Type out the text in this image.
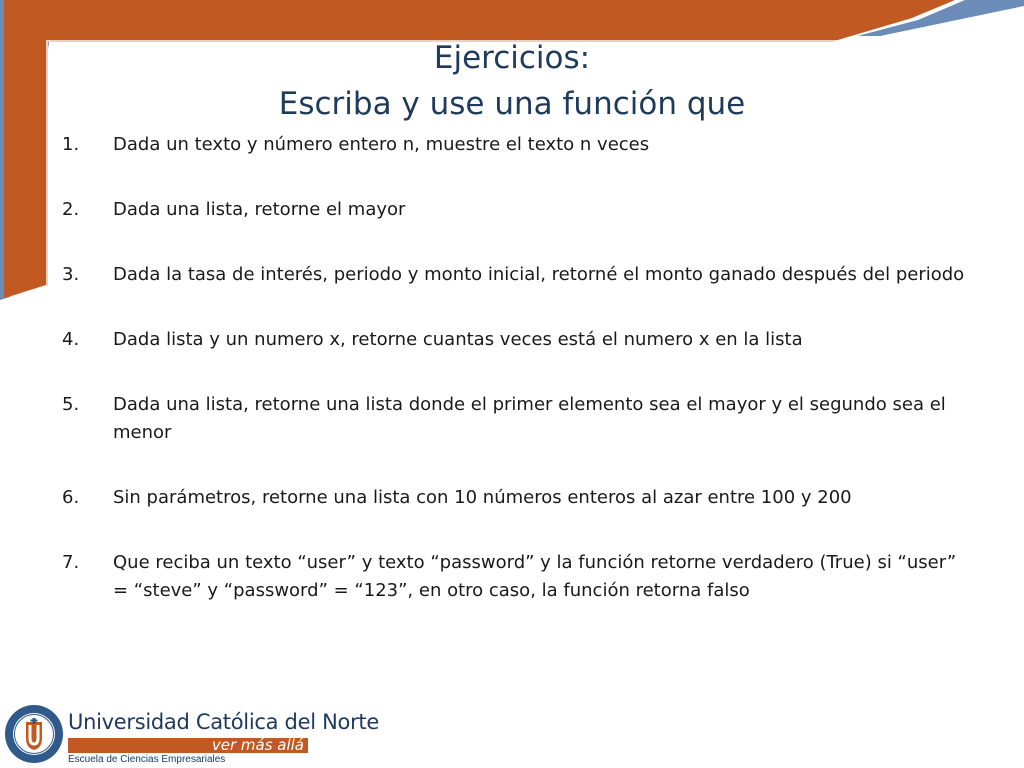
Ejercicios:
Escriba y use una función que
1. Dada un texto y número entero n, muestre el texto n veces
2. Dada una lista, retorne el mayor
3. Dada la tasa de interés, periodo y monto inicial, retorné el monto ganado después del periodo
4. Dada lista y un numero x, retorne cuantas veces está el numero x en la lista
5. Dada una lista, retorne una lista donde el primer elemento sea el mayor y el segundo sea el menor
6. Sin parámetros, retorne una lista con 10 números enteros al azar entre 100 y 200
7. Que reciba un texto “user” y texto “password” y la función retorne verdadero (True) si “user” = “steve” y “password” = “123”, en otro caso, la función retorna falso
Universidad Católica del Norte
ver más allá
Escuela de Ciencias Empresariales
